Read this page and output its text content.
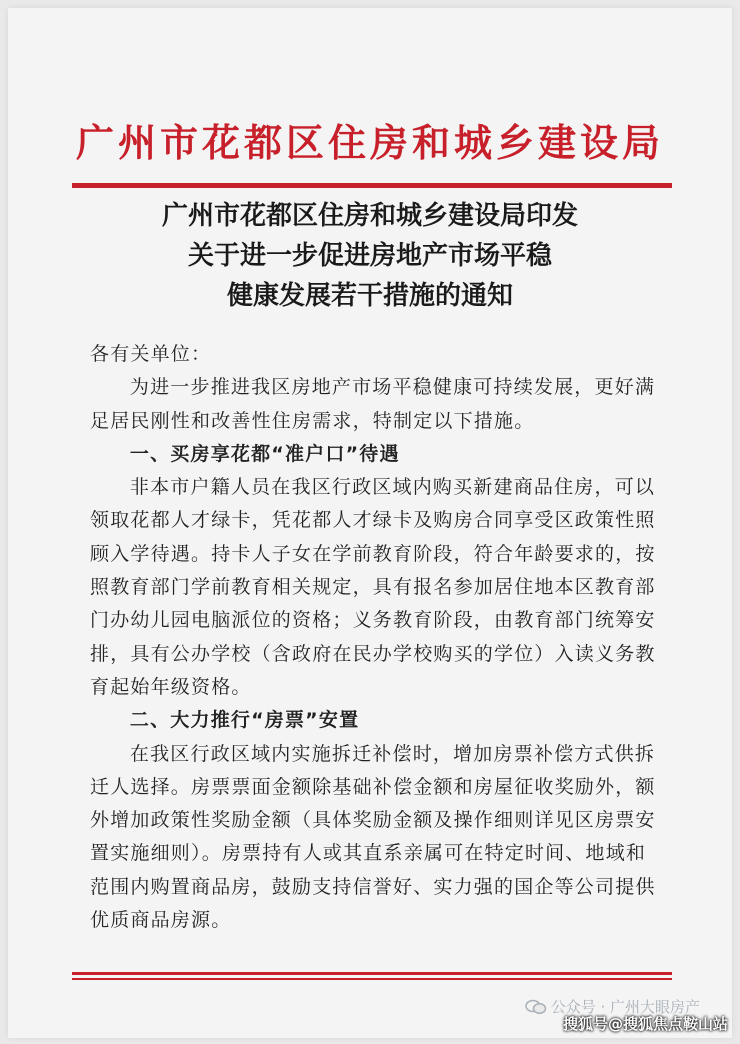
广州市花都区住房和城乡建设局
广州市花都区住房和城乡建设局印发
关于进一步促进房地产市场平稳
健康发展若干措施的通知

各有关单位：

为进一步推进我区房地产市场平稳健康可持续发展，更好满足居民刚性和改善性住房需求，特制定以下措施。

一、买房享花都“准户口”待遇

非本市户籍人员在我区行政区域内购买新建商品住房，可以领取花都人才绿卡，凭花都人才绿卡及购房合同享受区政策性照顾入学待遇。持卡人子女在学前教育阶段，符合年龄要求的，按照教育部门学前教育相关规定，具有报名参加居住地本区教育部门办幼儿园电脑派位的资格；义务教育阶段，由教育部门统筹安排，具有公办学校（含政府在民办学校购买的学位）入读义务教育起始年级资格。

二、大力推行“房票”安置

在我区行政区域内实施拆迁补偿时，增加房票补偿方式供拆迁人选择。房票票面金额除基础补偿金额和房屋征收奖励外，额外增加政策性奖励金额（具体奖励金额及操作细则详见区房票安置实施细则）。房票持有人或其直系亲属可在特定时间、地域和范围内购置商品房，鼓励支持信誉好、实力强的国企等公司提供优质商品房源。

公众号 · 广州大眼房产
搜狐号@搜狐焦点鞍山站
